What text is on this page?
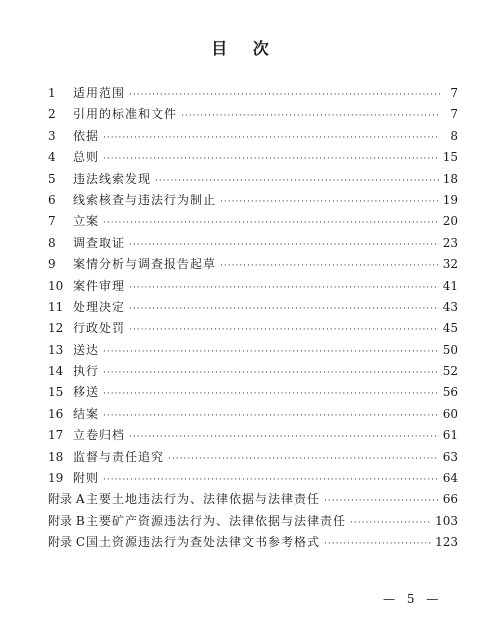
目 次
1	适用范围 ·····	7
2	引用的标准和文件 ·····	7
3	依据 ·····	8
4	总则 ·····	15
5	违法线索发现 ·····	18
6	线索核查与违法行为制止 ·····	19
7	立案 ·····	20
8	调查取证 ·····	23
9	案情分析与调查报告起草 ·····	32
10 案件审理 ·····	41
11 处理决定 ·····	43
12 行政处罚 ·····	45
13 送达 ·····	50
14 执行 ·····	52
15 移送 ·····	56
16 结案 ·····	60
17 立卷归档 ·····	61
18 监督与责任追究 ·····	63
19 附则 ·····	64
附录 A 主要土地违法行为、法律依据与法律责任 ·····	66
附录 B 主要矿产资源违法行为、法律依据与法律责任 ·····	103
附录 C 国土资源违法行为查处法律文书参考格式 ·····	123
— 5 —
